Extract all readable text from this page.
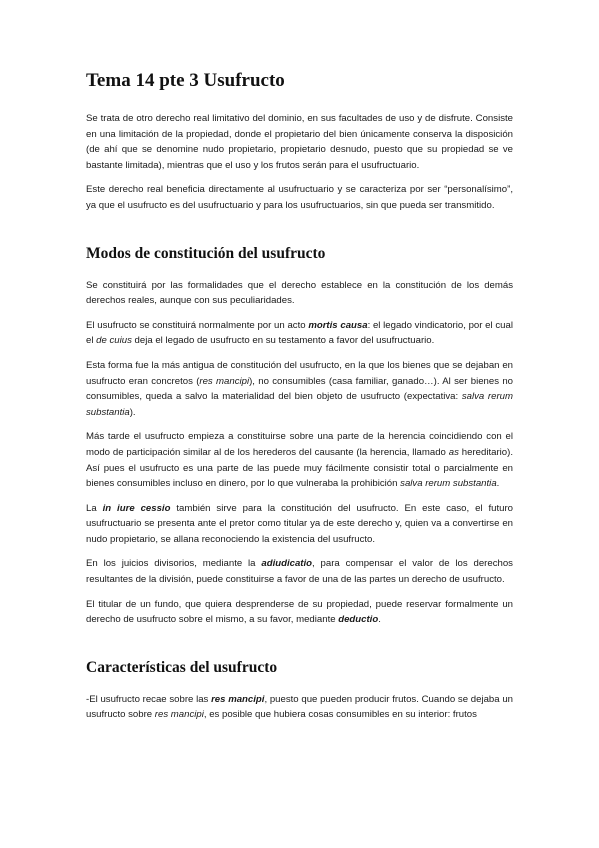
Tema 14 pte 3 Usufructo

Se trata de otro derecho real limitativo del dominio, en sus facultades de uso y de disfrute. Consiste en una limitación de la propiedad, donde el propietario del bien únicamente conserva la disposición (de ahí que se denomine nudo propietario, propietario desnudo, puesto que su propiedad se ve bastante limitada), mientras que el uso y los frutos serán para el usufructuario.

Este derecho real beneficia directamente al usufructuario y se caracteriza por ser “personalísimo”, ya que el usufructo es del usufructuario y para los usufructuarios, sin que pueda ser transmitido.

Modos de constitución del usufructo

Se constituirá por las formalidades que el derecho establece en la constitución de los demás derechos reales, aunque con sus peculiaridades.

El usufructo se constituirá normalmente por un acto mortis causa: el legado vindicatorio, por el cual el de cuius deja el legado de usufructo en su testamento a favor del usufructuario.

Esta forma fue la más antigua de constitución del usufructo, en la que los bienes que se dejaban en usufructo eran concretos (res mancipi), no consumibles (casa familiar, ganado…). Al ser bienes no consumibles, queda a salvo la materialidad del bien objeto de usufructo (expectativa: salva rerum substantia).

Más tarde el usufructo empieza a constituirse sobre una parte de la herencia coincidiendo con el modo de participación similar al de los herederos del causante (la herencia, llamado as hereditario). Así pues el usufructo es una parte de las puede muy fácilmente consistir total o parcialmente en bienes consumibles incluso en dinero, por lo que vulneraba la prohibición salva rerum substantia.

La in iure cessio también sirve para la constitución del usufructo. En este caso, el futuro usufructuario se presenta ante el pretor como titular ya de este derecho y, quien va a convertirse en nudo propietario, se allana reconociendo la existencia del usufructo.

En los juicios divisorios, mediante la adiudicatio, para compensar el valor de los derechos resultantes de la división, puede constituirse a favor de una de las partes un derecho de usufructo.

El titular de un fundo, que quiera desprenderse de su propiedad, puede reservar formalmente un derecho de usufructo sobre el mismo, a su favor, mediante deductio.

Características del usufructo

-El usufructo recae sobre las res mancipi, puesto que pueden producir frutos. Cuando se dejaba un usufructo sobre res mancipi, es posible que hubiera cosas consumibles en su interior: frutos
